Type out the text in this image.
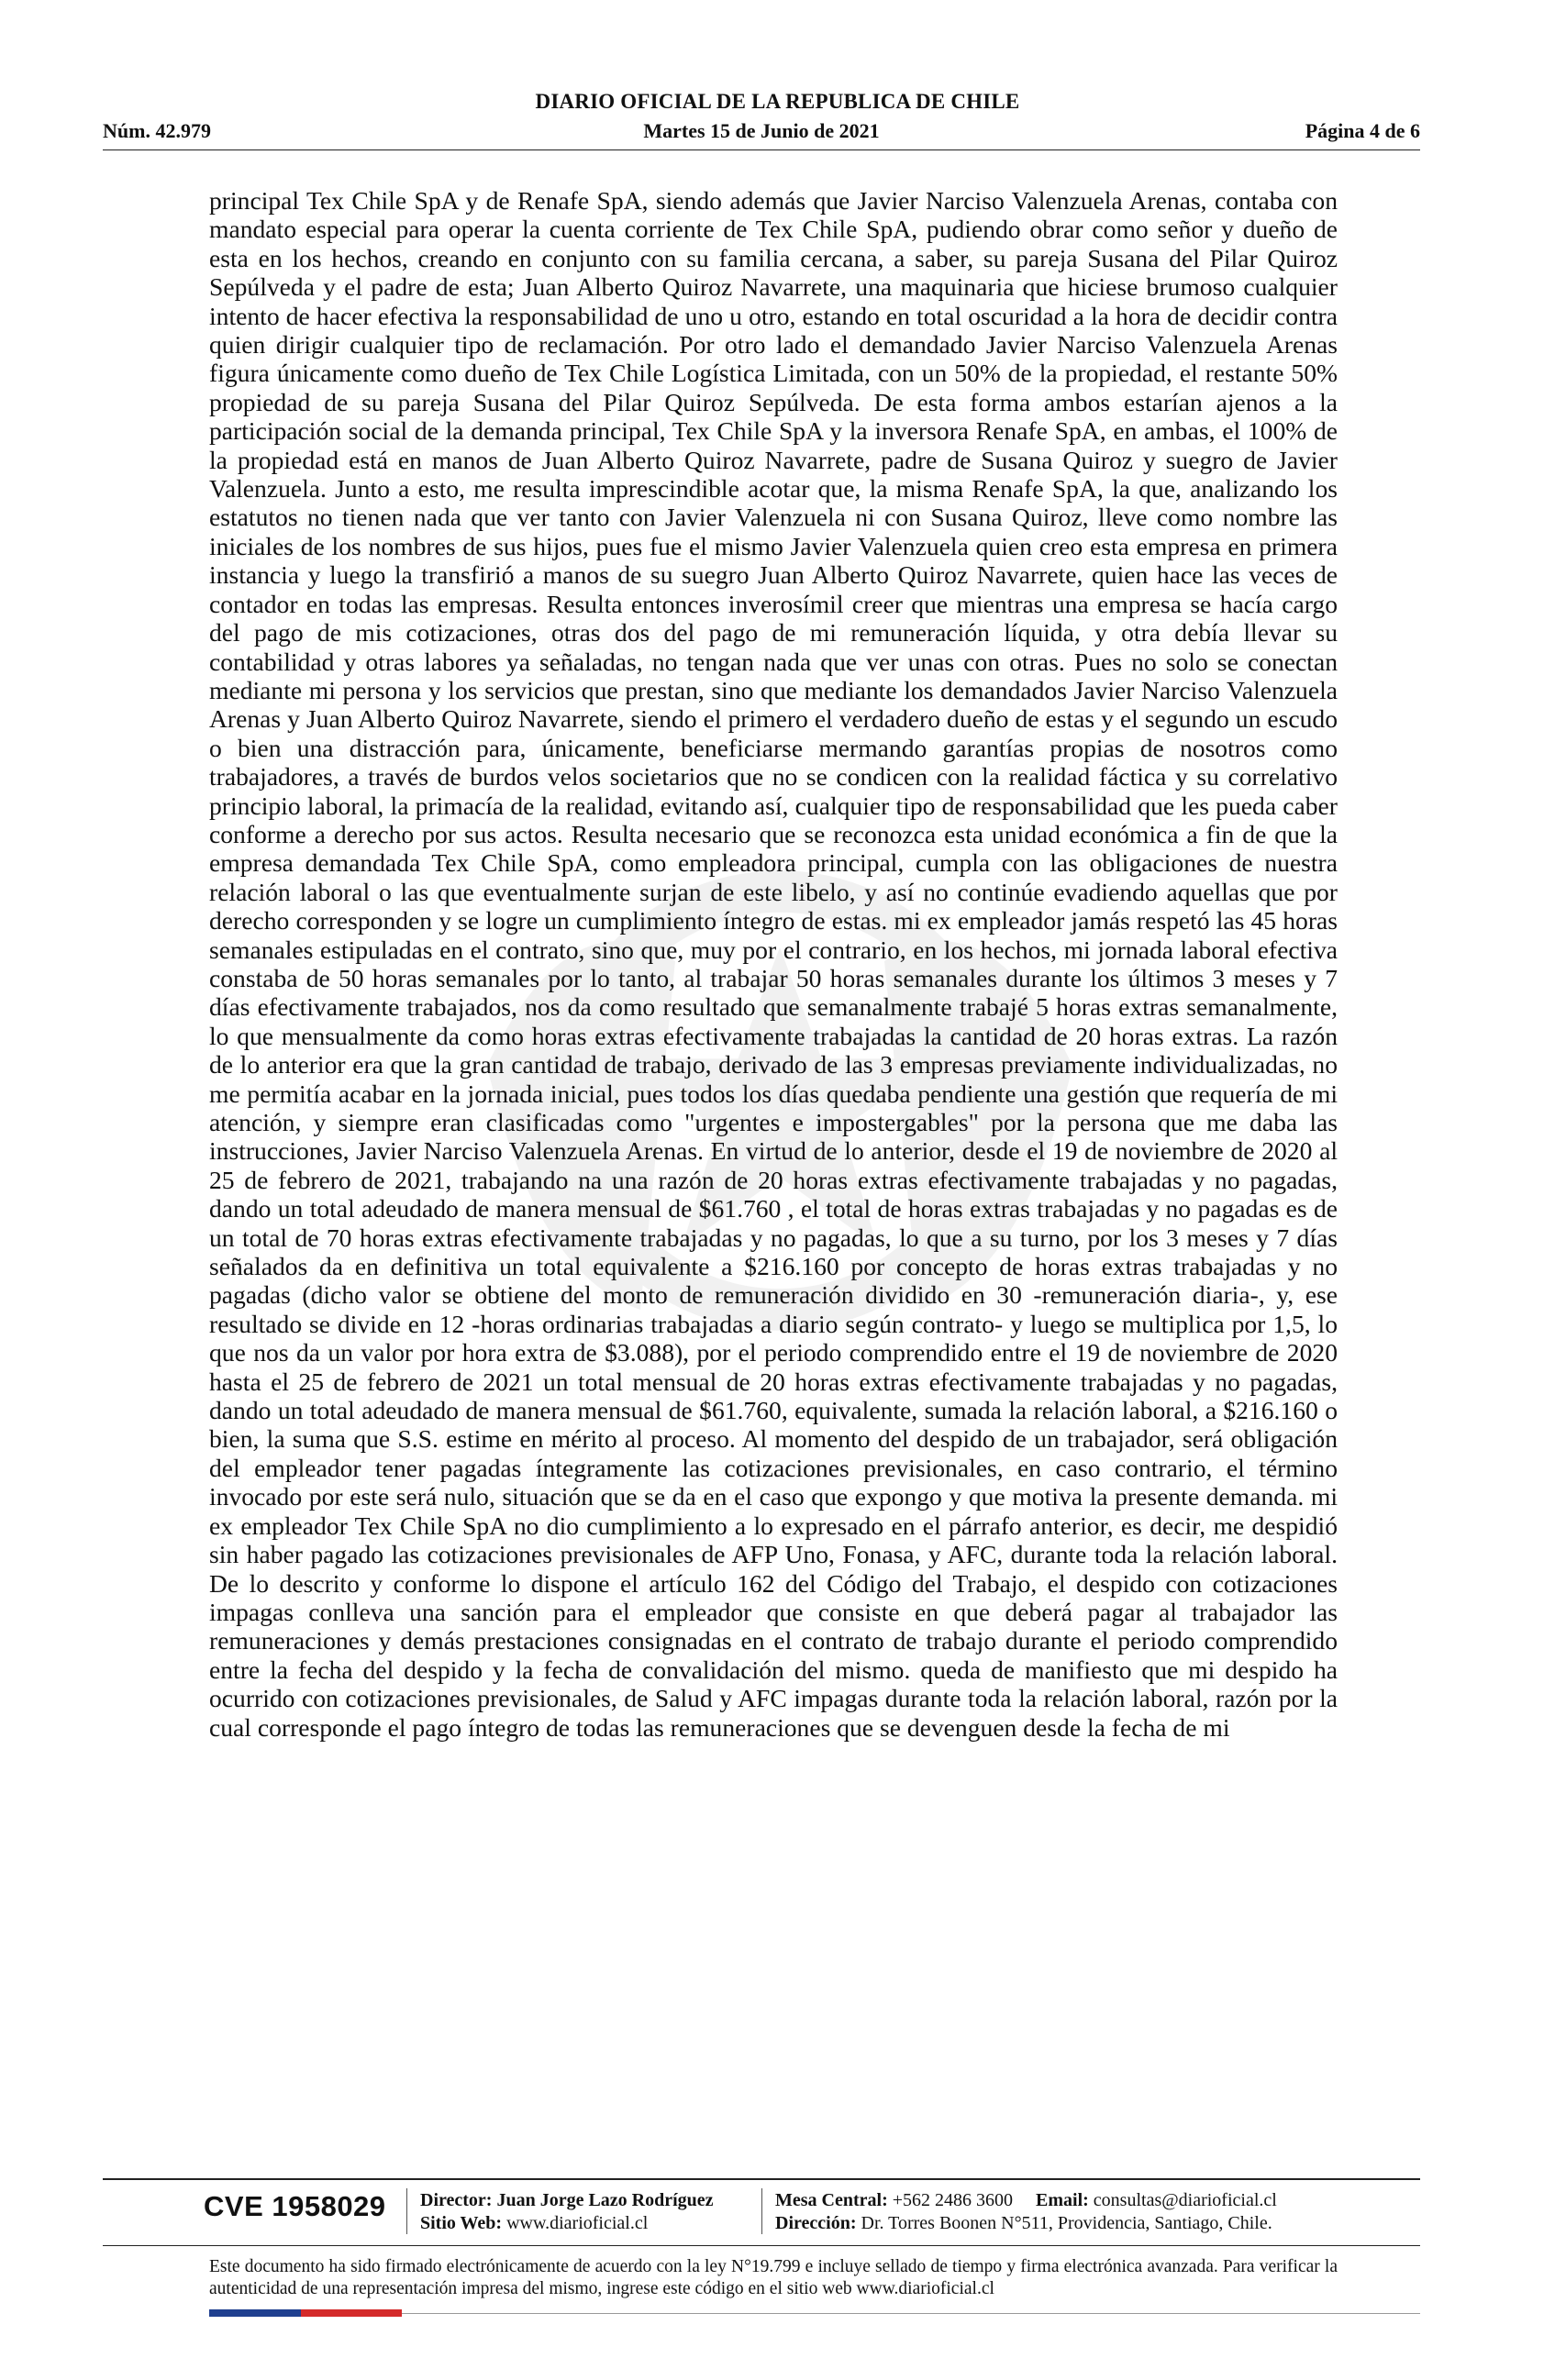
DIARIO OFICIAL DE LA REPUBLICA DE CHILE
Martes 15 de Junio de 2021
Núm. 42.979	Página 4 de 6

principal Tex Chile SpA y de Renafe SpA, siendo además que Javier Narciso Valenzuela Arenas, contaba con mandato especial para operar la cuenta corriente de Tex Chile SpA, pudiendo obrar como señor y dueño de esta en los hechos, creando en conjunto con su familia cercana, a saber, su pareja Susana del Pilar Quiroz Sepúlveda y el padre de esta; Juan Alberto Quiroz Navarrete, una maquinaria que hiciese brumoso cualquier intento de hacer efectiva la responsabilidad de uno u otro, estando en total oscuridad a la hora de decidir contra quien dirigir cualquier tipo de reclamación. Por otro lado el demandado Javier Narciso Valenzuela Arenas figura únicamente como dueño de Tex Chile Logística Limitada, con un 50% de la propiedad, el restante 50% propiedad de su pareja Susana del Pilar Quiroz Sepúlveda. De esta forma ambos estarían ajenos a la participación social de la demanda principal, Tex Chile SpA y la inversora Renafe SpA, en ambas, el 100% de la propiedad está en manos de Juan Alberto Quiroz Navarrete, padre de Susana Quiroz y suegro de Javier Valenzuela. Junto a esto, me resulta imprescindible acotar que, la misma Renafe SpA, la que, analizando los estatutos no tienen nada que ver tanto con Javier Valenzuela ni con Susana Quiroz, lleve como nombre las iniciales de los nombres de sus hijos, pues fue el mismo Javier Valenzuela quien creo esta empresa en primera instancia y luego la transfirió a manos de su suegro Juan Alberto Quiroz Navarrete, quien hace las veces de contador en todas las empresas. Resulta entonces inverosímil creer que mientras una empresa se hacía cargo del pago de mis cotizaciones, otras dos del pago de mi remuneración líquida, y otra debía llevar su contabilidad y otras labores ya señaladas, no tengan nada que ver unas con otras. Pues no solo se conectan mediante mi persona y los servicios que prestan, sino que mediante los demandados Javier Narciso Valenzuela Arenas y Juan Alberto Quiroz Navarrete, siendo el primero el verdadero dueño de estas y el segundo un escudo o bien una distracción para, únicamente, beneficiarse mermando garantías propias de nosotros como trabajadores, a través de burdos velos societarios que no se condicen con la realidad fáctica y su correlativo principio laboral, la primacía de la realidad, evitando así, cualquier tipo de responsabilidad que les pueda caber conforme a derecho por sus actos. Resulta necesario que se reconozca esta unidad económica a fin de que la empresa demandada Tex Chile SpA, como empleadora principal, cumpla con las obligaciones de nuestra relación laboral o las que eventualmente surjan de este libelo, y así no continúe evadiendo aquellas que por derecho corresponden y se logre un cumplimiento íntegro de estas. mi ex empleador jamás respetó las 45 horas semanales estipuladas en el contrato, sino que, muy por el contrario, en los hechos, mi jornada laboral efectiva constaba de 50 horas semanales por lo tanto, al trabajar 50 horas semanales durante los últimos 3 meses y 7 días efectivamente trabajados, nos da como resultado que semanalmente trabajé 5 horas extras semanalmente, lo que mensualmente da como horas extras efectivamente trabajadas la cantidad de 20 horas extras. La razón de lo anterior era que la gran cantidad de trabajo, derivado de las 3 empresas previamente individualizadas, no me permitía acabar en la jornada inicial, pues todos los días quedaba pendiente una gestión que requería de mi atención, y siempre eran clasificadas como "urgentes e impostergables" por la persona que me daba las instrucciones, Javier Narciso Valenzuela Arenas. En virtud de lo anterior, desde el 19 de noviembre de 2020 al 25 de febrero de 2021, trabajando na una razón de 20 horas extras efectivamente trabajadas y no pagadas, dando un total adeudado de manera mensual de $61.760 , el total de horas extras trabajadas y no pagadas es de un total de 70 horas extras efectivamente trabajadas y no pagadas, lo que a su turno, por los 3 meses y 7 días señalados da en definitiva un total equivalente a $216.160 por concepto de horas extras trabajadas y no pagadas (dicho valor se obtiene del monto de remuneración dividido en 30 -remuneración diaria-, y, ese resultado se divide en 12 -horas ordinarias trabajadas a diario según contrato- y luego se multiplica por 1,5, lo que nos da un valor por hora extra de $3.088), por el periodo comprendido entre el 19 de noviembre de 2020 hasta el 25 de febrero de 2021 un total mensual de 20 horas extras efectivamente trabajadas y no pagadas, dando un total adeudado de manera mensual de $61.760, equivalente, sumada la relación laboral, a $216.160 o bien, la suma que S.S. estime en mérito al proceso. Al momento del despido de un trabajador, será obligación del empleador tener pagadas íntegramente las cotizaciones previsionales, en caso contrario, el término invocado por este será nulo, situación que se da en el caso que expongo y que motiva la presente demanda. mi ex empleador Tex Chile SpA no dio cumplimiento a lo expresado en el párrafo anterior, es decir, me despidió sin haber pagado las cotizaciones previsionales de AFP Uno, Fonasa, y AFC, durante toda la relación laboral. De lo descrito y conforme lo dispone el artículo 162 del Código del Trabajo, el despido con cotizaciones impagas conlleva una sanción para el empleador que consiste en que deberá pagar al trabajador las remuneraciones y demás prestaciones consignadas en el contrato de trabajo durante el periodo comprendido entre la fecha del despido y la fecha de convalidación del mismo. queda de manifiesto que mi despido ha ocurrido con cotizaciones previsionales, de Salud y AFC impagas durante toda la relación laboral, razón por la cual corresponde el pago íntegro de todas las remuneraciones que se devenguen desde la fecha de mi

CVE 1958029 Director: Juan Jorge Lazo Rodríguez
Sitio Web: www.diarioficial.cl
Mesa Central: +562 2486 3600 Email: consultas@diarioficial.cl
Dirección: Dr. Torres Boonen N°511, Providencia, Santiago, Chile.
Este documento ha sido firmado electrónicamente de acuerdo con la ley N°19.799 e incluye sellado de tiempo y firma electrónica avanzada. Para verificar la autenticidad de una representación impresa del mismo, ingrese este código en el sitio web www.diarioficial.cl
